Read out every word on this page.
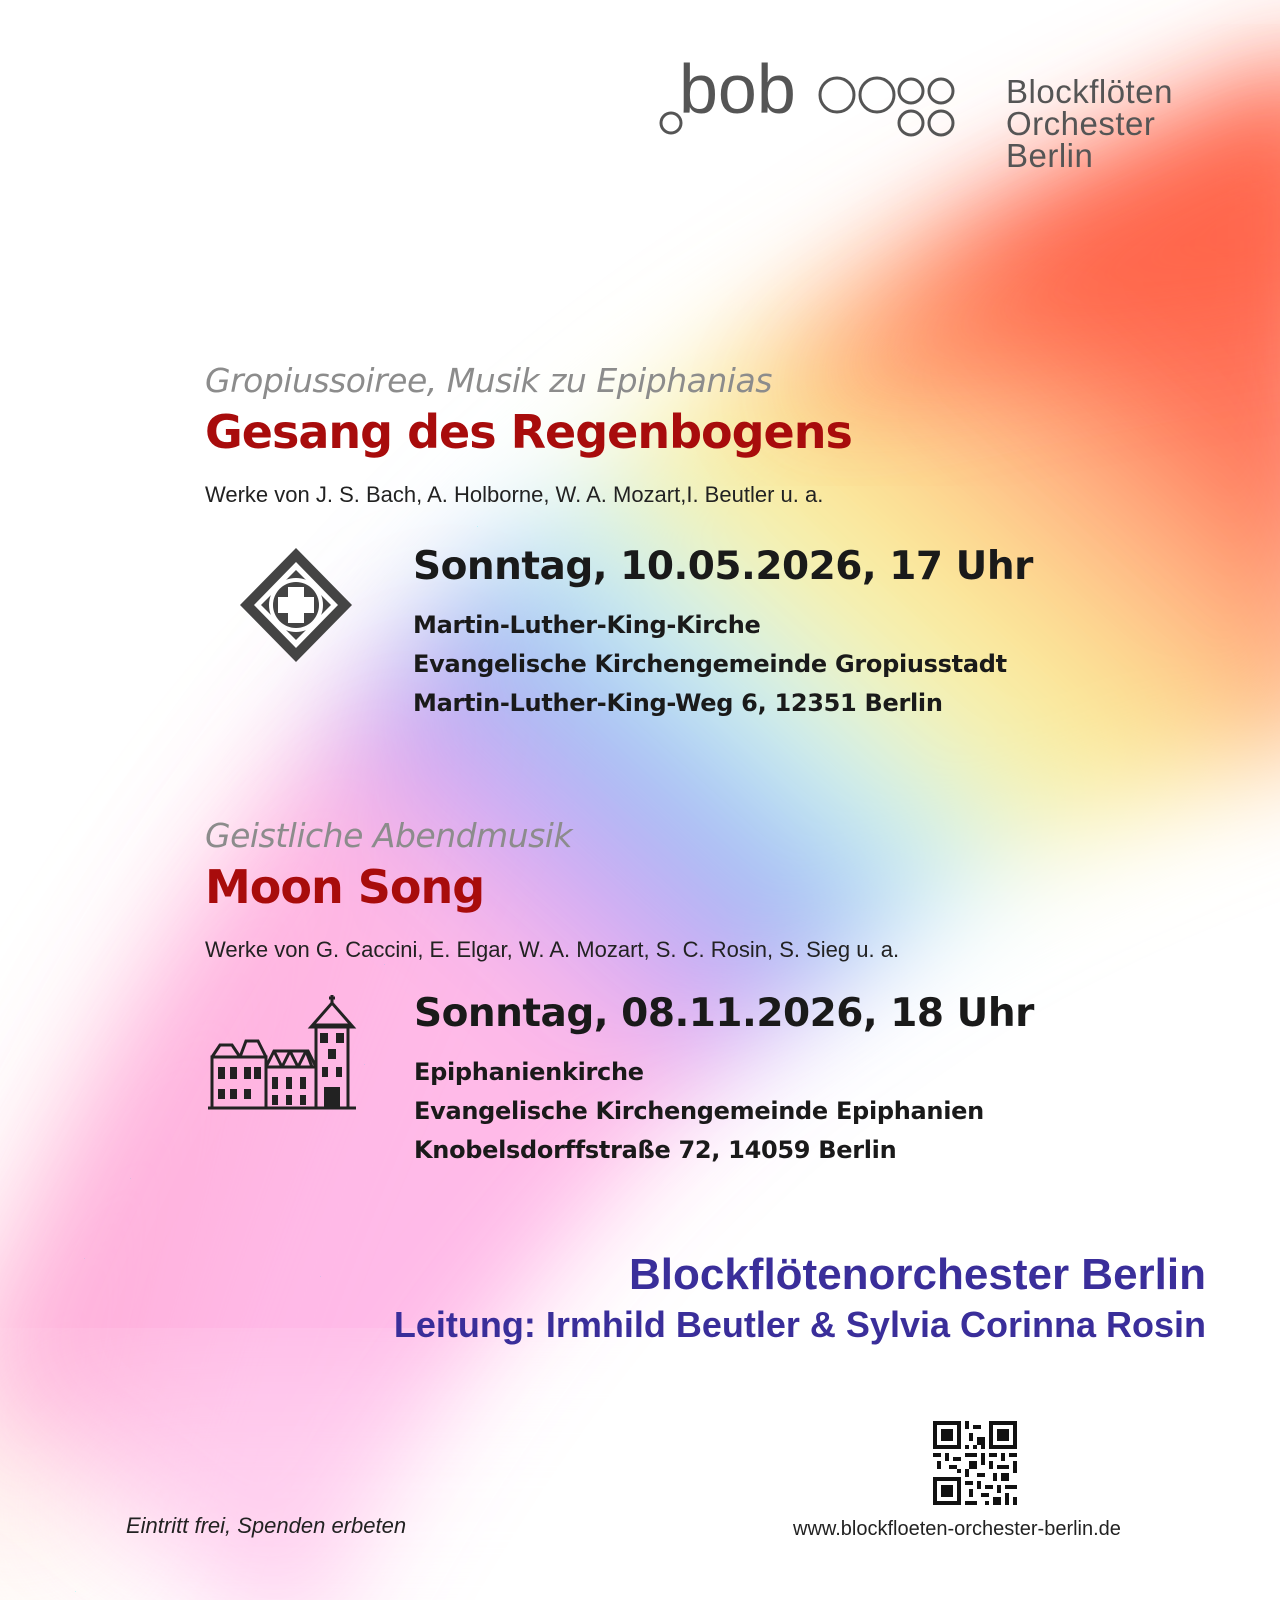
bob	Blockflöten
Orchester
Berlin
Gropiussoiree, Musik zu Epiphanias
Gesang des Regenbogens
Werke von J. S. Bach, A. Holborne, W. A. Mozart,I. Beutler u. a.
Sonntag, 10.05.2026, 17 Uhr
Martin-Luther-King-Kirche
Evangelische Kirchengemeinde Gropiusstadt
Martin-Luther-King-Weg 6, 12351 Berlin
Geistliche Abendmusik
Moon Song
Werke von G. Caccini, E. Elgar, W. A. Mozart, S. C. Rosin, S. Sieg u. a.
Sonntag, 08.11.2026, 18 Uhr
Epiphanienkirche
Evangelische Kirchengemeinde Epiphanien
Knobelsdorffstraße 72, 14059 Berlin
Blockflötenorchester Berlin
Leitung: Irmhild Beutler & Sylvia Corinna Rosin
Eintritt frei, Spenden erbeten	www.blockfloeten-orchester-berlin.de
